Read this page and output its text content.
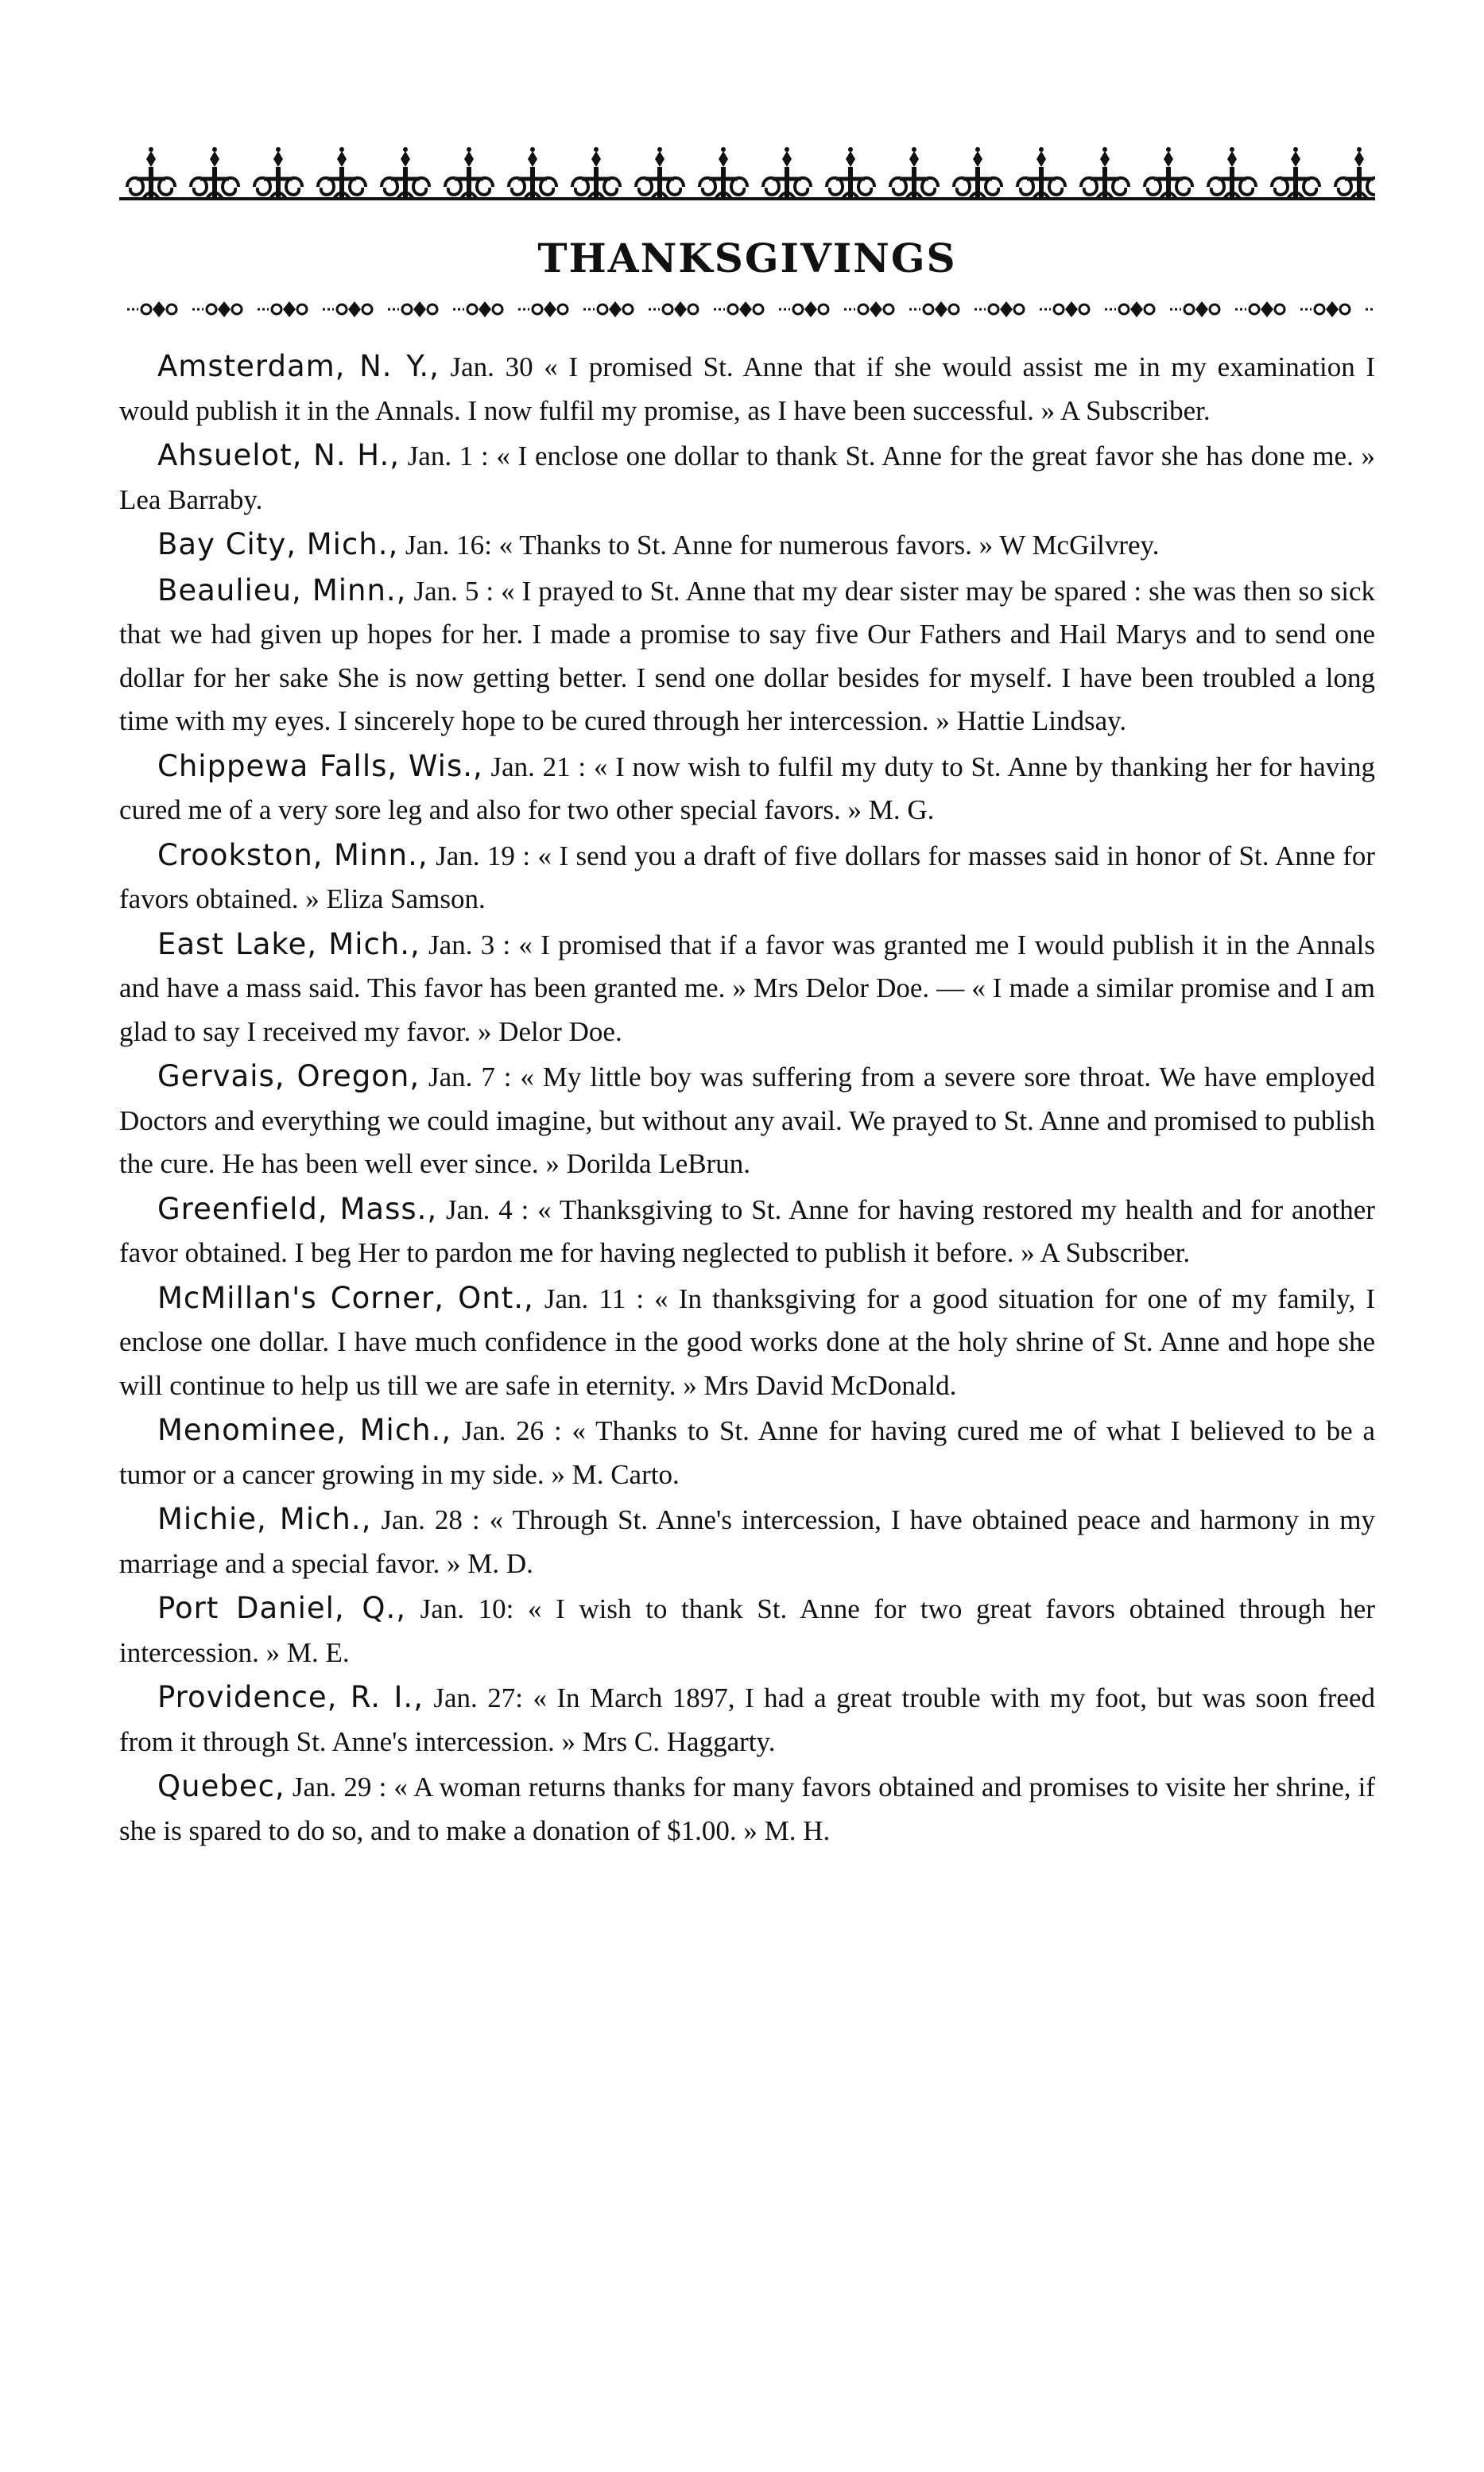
THANKSGIVINGS

Amsterdam, N. Y., Jan. 30 « I promised St. Anne that if she would assist me in my examination I would publish it in the Annals. I now fulfil my promise, as I have been successful. » A Subscriber.

Ahsuelot, N. H., Jan. 1 : « I enclose one dollar to thank St. Anne for the great favor she has done me. » Lea Barraby.

Bay City, Mich., Jan. 16: « Thanks to St. Anne for numerous favors. » W McGilvrey.

Beaulieu, Minn., Jan. 5 : « I prayed to St. Anne that my dear sister may be spared : she was then so sick that we had given up hopes for her. I made a promise to say five Our Fathers and Hail Marys and to send one dollar for her sake She is now getting better. I send one dollar besides for myself. I have been troubled a long time with my eyes. I sincerely hope to be cured through her intercession. » Hattie Lindsay.

Chippewa Falls, Wis., Jan. 21 : « I now wish to fulfil my duty to St. Anne by thanking her for having cured me of a very sore leg and also for two other special favors. » M. G.

Crookston, Minn., Jan. 19 : « I send you a draft of five dollars for masses said in honor of St. Anne for favors obtained. » Eliza Samson.

East Lake, Mich., Jan. 3 : « I promised that if a favor was granted me I would publish it in the Annals and have a mass said. This favor has been granted me. » Mrs Delor Doe. — « I made a similar promise and I am glad to say I received my favor. » Delor Doe.

Gervais, Oregon, Jan. 7 : « My little boy was suffering from a severe sore throat. We have employed Doctors and everything we could imagine, but without any avail. We prayed to St. Anne and promised to publish the cure. He has been well ever since. » Dorilda LeBrun.

Greenfield, Mass., Jan. 4 : « Thanksgiving to St. Anne for having restored my health and for another favor obtained. I beg Her to pardon me for having neglected to publish it before. » A Subscriber.

McMillan's Corner, Ont., Jan. 11 : « In thanksgiving for a good situation for one of my family, I enclose one dollar. I have much confidence in the good works done at the holy shrine of St. Anne and hope she will continue to help us till we are safe in eternity. » Mrs David McDonald.

Menominee, Mich., Jan. 26 : « Thanks to St. Anne for having cured me of what I believed to be a tumor or a cancer growing in my side. » M. Carto.

Michie, Mich., Jan. 28 : « Through St. Anne's intercession, I have obtained peace and harmony in my marriage and a special favor. » M. D.

Port Daniel, Q., Jan. 10: « I wish to thank St. Anne for two great favors obtained through her intercession. » M. E.

Providence, R. I., Jan. 27: « In March 1897, I had a great trouble with my foot, but was soon freed from it through St. Anne's intercession. » Mrs C. Haggarty.

Quebec, Jan. 29 : « A woman returns thanks for many favors obtained and promises to visite her shrine, if she is spared to do so, and to make a donation of $1.00. » M. H.
